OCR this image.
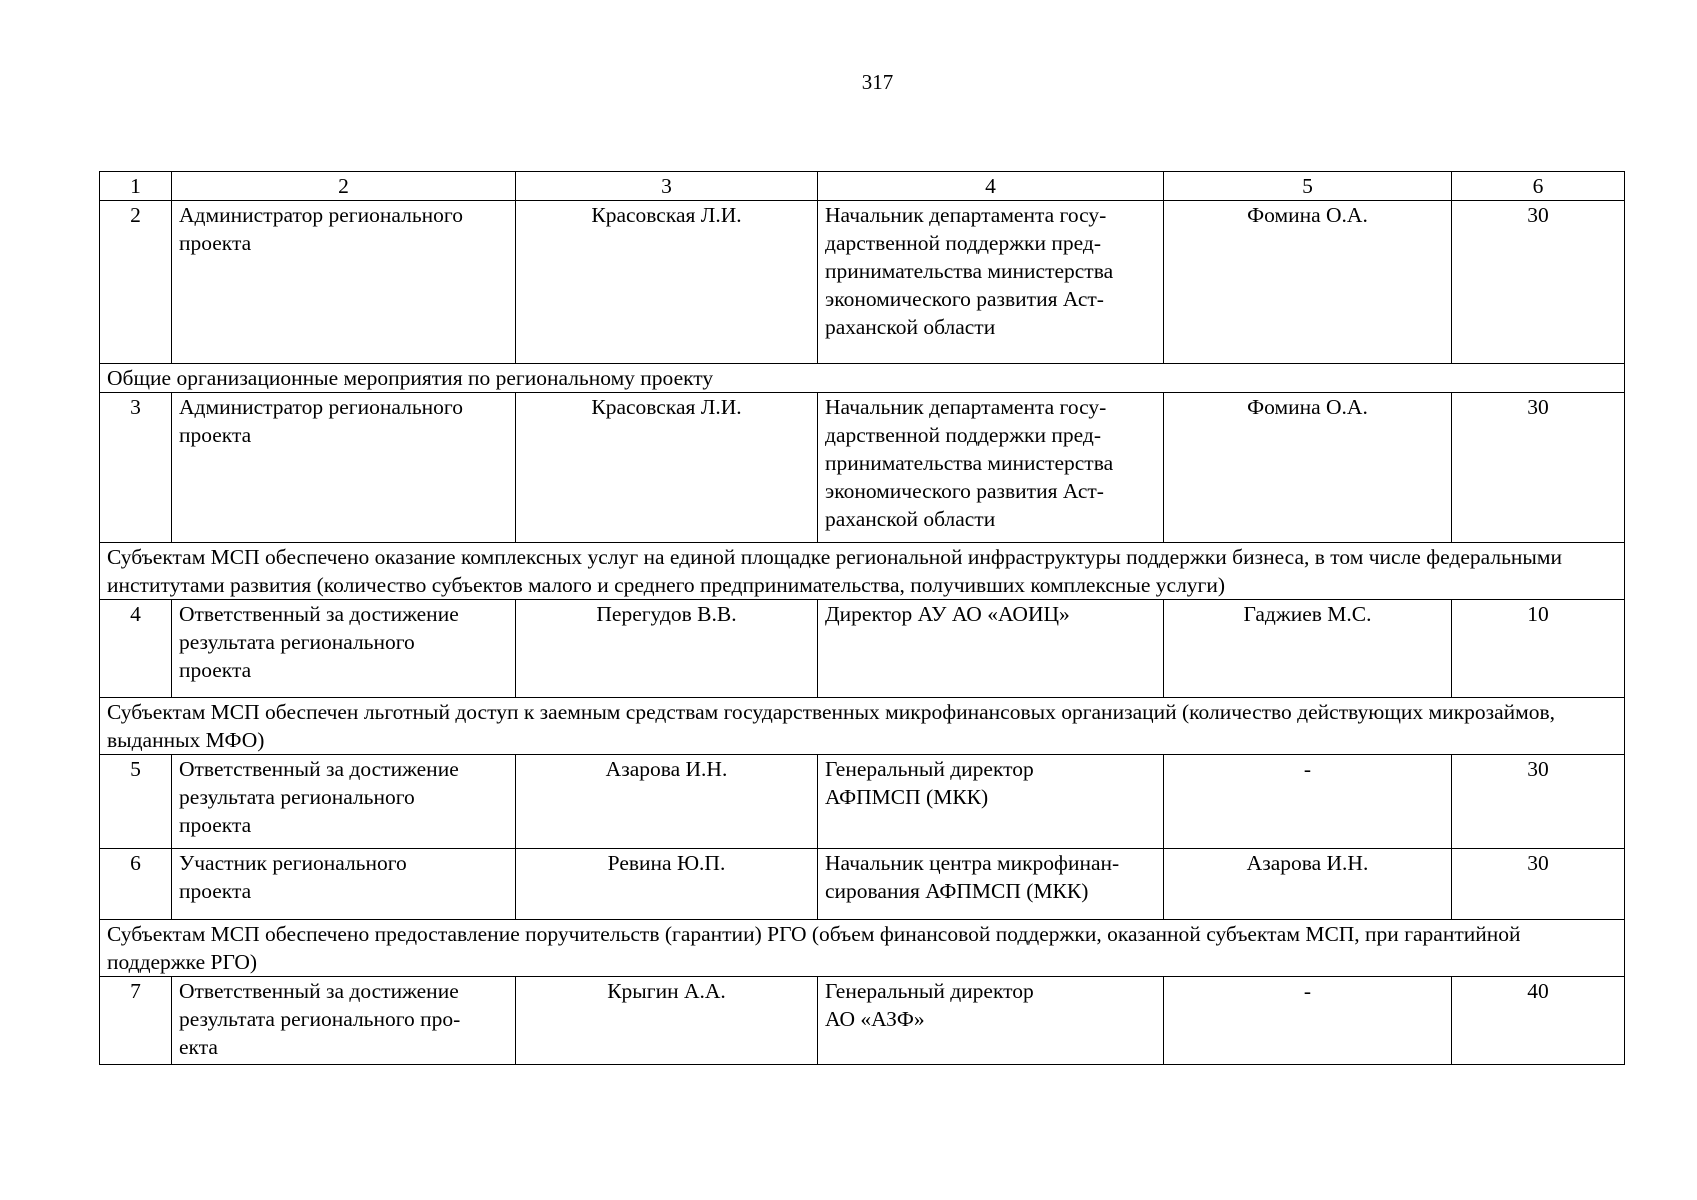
317
1	2	3	4	5	6
2	Администратор регионального
проекта	Красовская Л.И.	Начальник департамента госу-
дарственной поддержки пред-
принимательства министерства
экономического развития Аст-
раханской области	Фомина О.А.	30
Общие организационные мероприятия по региональному проекту					
3	Администратор регионального
проекта	Красовская Л.И.	Начальник департамента госу-
дарственной поддержки пред-
принимательства министерства
экономического развития Аст-
раханской области	Фомина О.А.	30
Субъектам МСП обеспечено оказание комплексных услуг на единой площадке региональной инфраструктуры поддержки бизнеса, в том числе федеральными институтами развития (количество субъектов малого и среднего предпринимательства, получивших комплексные услуги)					
4	Ответственный за достижение
результата регионального
проекта	Перегудов В.В.	Директор АУ АО «АОИЦ»	Гаджиев М.С.	10
Субъектам МСП обеспечен льготный доступ к заемным средствам государственных микрофинансовых организаций (количество действующих микрозаймов, выданных МФО)					
5	Ответственный за достижение
результата регионального
проекта	Азарова И.Н.	Генеральный директор
АФПМСП (МКК)	-	30
6	Участник регионального
проекта	Ревина Ю.П.	Начальник центра микрофинан-
сирования АФПМСП (МКК)	Азарова И.Н.	30
Субъектам МСП обеспечено предоставление поручительств (гарантии) РГО (объем финансовой поддержки, оказанной субъектам МСП, при гарантийной поддержке РГО)					
7	Ответственный за достижение
результата регионального про-
екта	Крыгин А.А.	Генеральный директор
АО «АЗФ»	-	40
